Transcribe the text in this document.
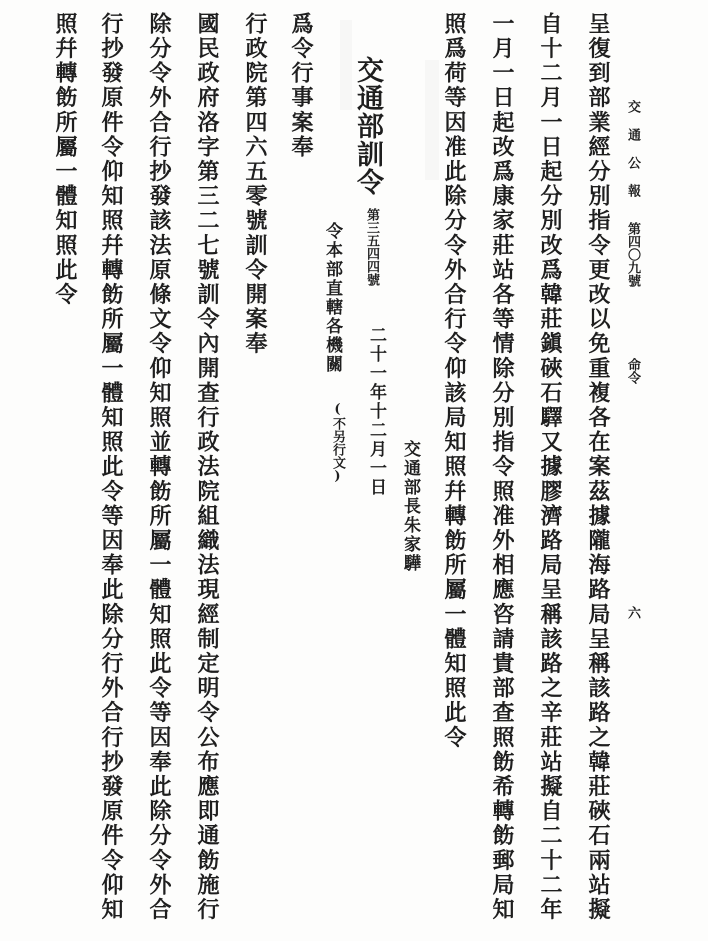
交 通 公 報
第四〇九號
命令
六
呈復到部業經分別指令更改以免重複各在案茲據隴海路局呈稱該路之韓莊硤石兩站擬
自十二月一日起分別改爲韓莊鎭硤石驛又據膠濟路局呈稱該路之辛莊站擬自二十二年
一月一日起改爲康家莊站各等情除分別指令照准外相應咨請貴部查照飭希轉飭郵局知
照爲荷等因准此除分令外合行令仰該局知照幷轉飭所屬一體知照此令
交通部長朱家驊
交通部訓令
第三五四四號
二十一年十二月一日
令本部直轄各機關
(不另行文)
爲令行事案奉
行政院第四六五零號訓令開案奉
國民政府洛字第三二七號訓令內開查行政法院組織法現經制定明令公布應即通飭施行
除分令外合行抄發該法原條文令仰知照並轉飭所屬一體知照此令等因奉此除分令外合
行抄發原件令仰知照幷轉飭所屬一體知照此令等因奉此除分行外合行抄發原件令仰知
照幷轉飭所屬一體知照此令
